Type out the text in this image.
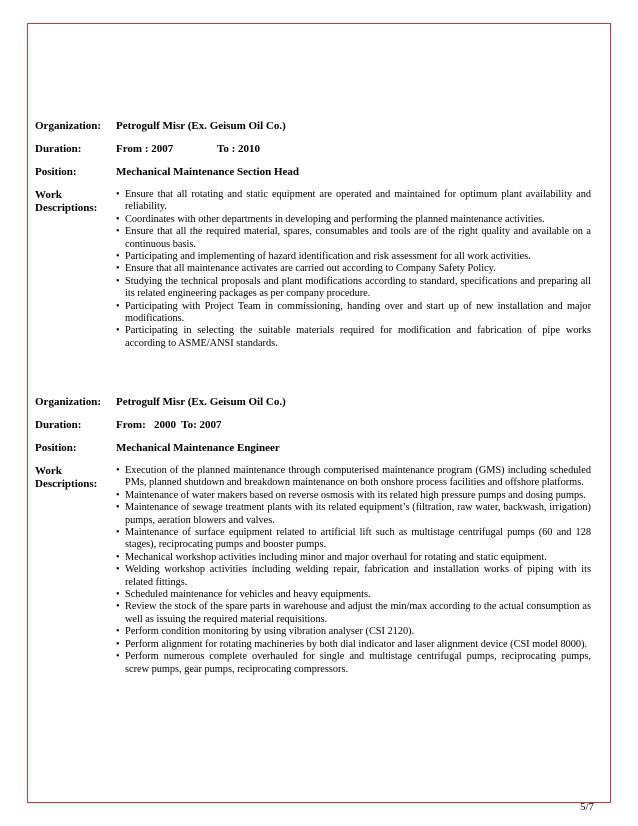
Organization:	Petrogulf Misr (Ex. Geisum Oil Co.)
Duration:	From : 2007                To : 2010
Position:	Mechanical Maintenance Section Head
Work Descriptions:
• Ensure that all rotating and static equipment are operated and maintained for optimum plant availability and reliability.
• Coordinates with other departments in developing and performing the planned maintenance activities.
• Ensure that all the required material, spares, consumables and tools are of the right quality and available on a continuous basis.
• Participating and implementing of hazard identification and risk assessment for all work activities.
• Ensure that all maintenance activates are carried out according to Company Safety Policy.
• Studying the technical proposals and plant modifications according to standard, specifications and preparing all its related engineering packages as per company procedure.
• Participating with Project Team in commissioning, handing over and start up of new installation and major modifications.
• Participating in selecting the suitable materials required for modification and fabrication of pipe works according to ASME/ANSI standards.
Organization:	Petrogulf Misr (Ex. Geisum Oil Co.)
Duration:	From:   2000  To: 2007
Position:	Mechanical Maintenance Engineer
Work Descriptions:
• Execution of the planned maintenance through computerised maintenance program (GMS) including scheduled PMs, planned shutdown and breakdown maintenance on both onshore process facilities and offshore platforms.
• Maintenance of water makers based on reverse osmosis with its related high pressure pumps and dosing pumps.
• Maintenance of sewage treatment plants with its related equipment’s (filtration, raw water, backwash, irrigation) pumps, aeration blowers and valves.
• Maintenance of surface equipment related to artificial lift such as multistage centrifugal pumps (60 and 128 stages), reciprocating pumps and booster pumps.
• Mechanical workshop activities including minor and major overhaul for rotating and static equipment.
• Welding workshop activities including welding repair, fabrication and installation works of piping with its related fittings.
• Scheduled maintenance for vehicles and heavy equipments.
• Review the stock of the spare parts in warehouse and adjust the min/max according to the actual consumption as well as issuing the required material requisitions.
• Perform condition monitoring by using vibration analyser (CSI 2120).
• Perform alignment for rotating machineries by both dial indicator and laser alignment device (CSI model 8000).
• Perform numerous complete overhauled for single and multistage centrifugal pumps, reciprocating pumps, screw pumps, gear pumps, reciprocating compressors.
5/7
